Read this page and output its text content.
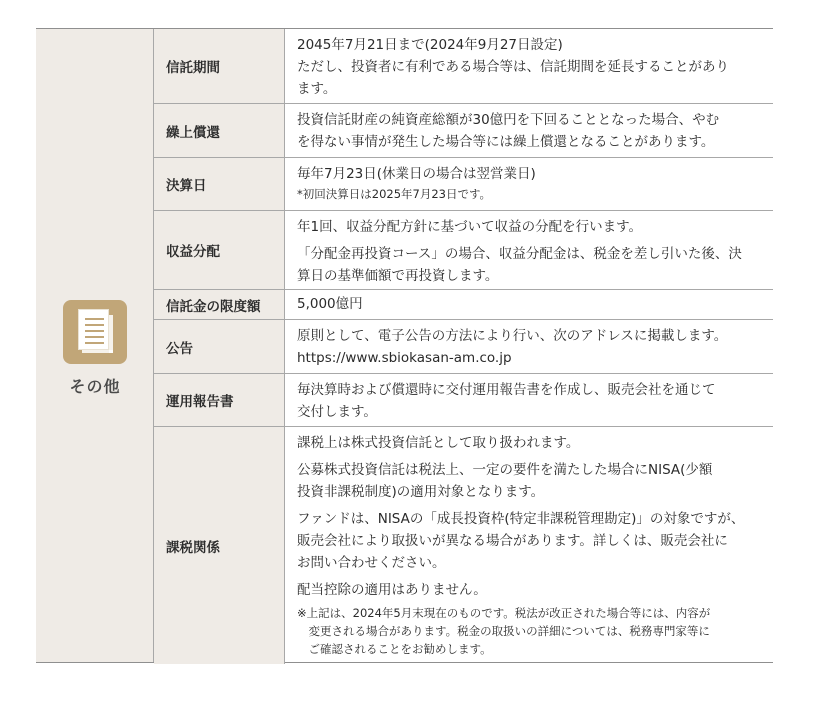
その他
信託期間

2045年7月21日まで(2024年9月27日設定)

ただし、投資者に有利である場合等は、信託期間を延長することがあり

ます。

繰上償還

投資信託財産の純資産総額が30億円を下回ることとなった場合、やむ

を得ない事情が発生した場合等には繰上償還となることがあります。

決算日

毎年7月23日(休業日の場合は翌営業日)

*初回決算日は2025年7月23日です。

収益分配

年1回、収益分配方針に基づいて収益の分配を行います。

「分配金再投資コース」の場合、収益分配金は、税金を差し引いた後、決

算日の基準価額で再投資します。

信託金の限度額	5,000億円

公告

原則として、電子公告の方法により行い、次のアドレスに掲載します。

https://www.sbiokasan-am.co.jp

運用報告書

毎決算時および償還時に交付運用報告書を作成し、販売会社を通じて

交付します。

課税関係

課税上は株式投資信託として取り扱われます。

公募株式投資信託は税法上、一定の要件を満たした場合にNISA(少額

投資非課税制度)の適用対象となります。

ファンドは、NISAの「成長投資枠(特定非課税管理勘定)」の対象ですが、

販売会社により取扱いが異なる場合があります。詳しくは、販売会社に

お問い合わせください。

配当控除の適用はありません。

※上記は、2024年5月末現在のものです。税法が改正された場合等には、内容が

　変更される場合があります。税金の取扱いの詳細については、税務専門家等に

　ご確認されることをお勧めします。
